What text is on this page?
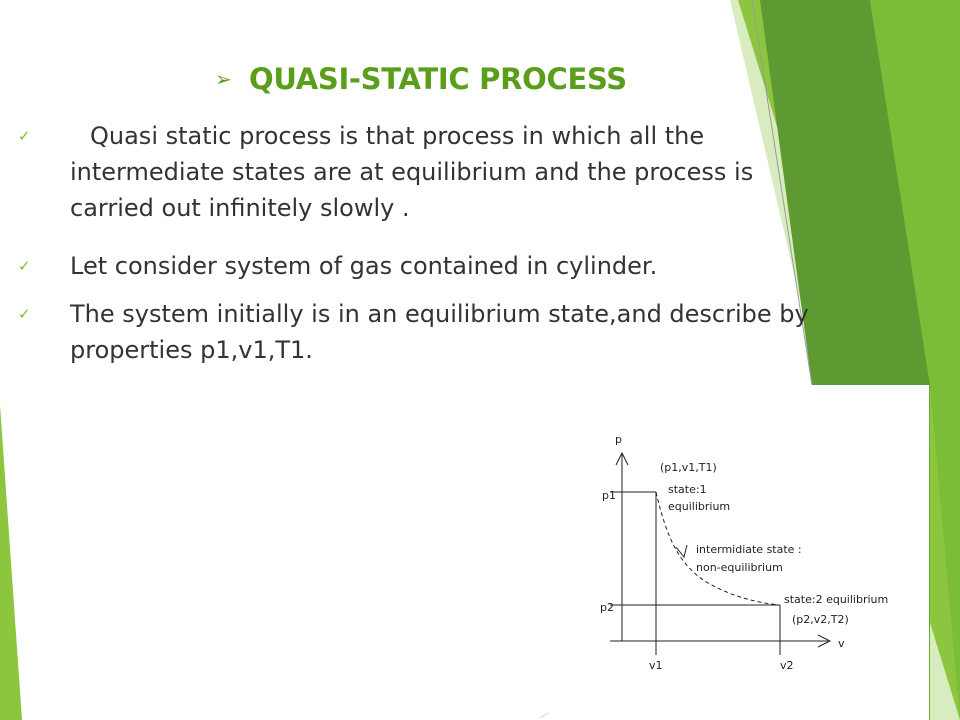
➢ QUASI-STATIC PROCESS
✓ Quasi static process is that process in which all the intermediate states are at equilibrium and the process is carried out infinitely slowly .
✓ Let consider system of gas contained in cylinder.
✓ The system initially is in an equilibrium state,and describe by properties p1,v1,T1.
p
v
p1
p2
v1	v2
(p1,v1,T1)
state:1
equilibrium
intermidiate state :
non-equilibrium
state:2 equilibrium
(p2,v2,T2)
